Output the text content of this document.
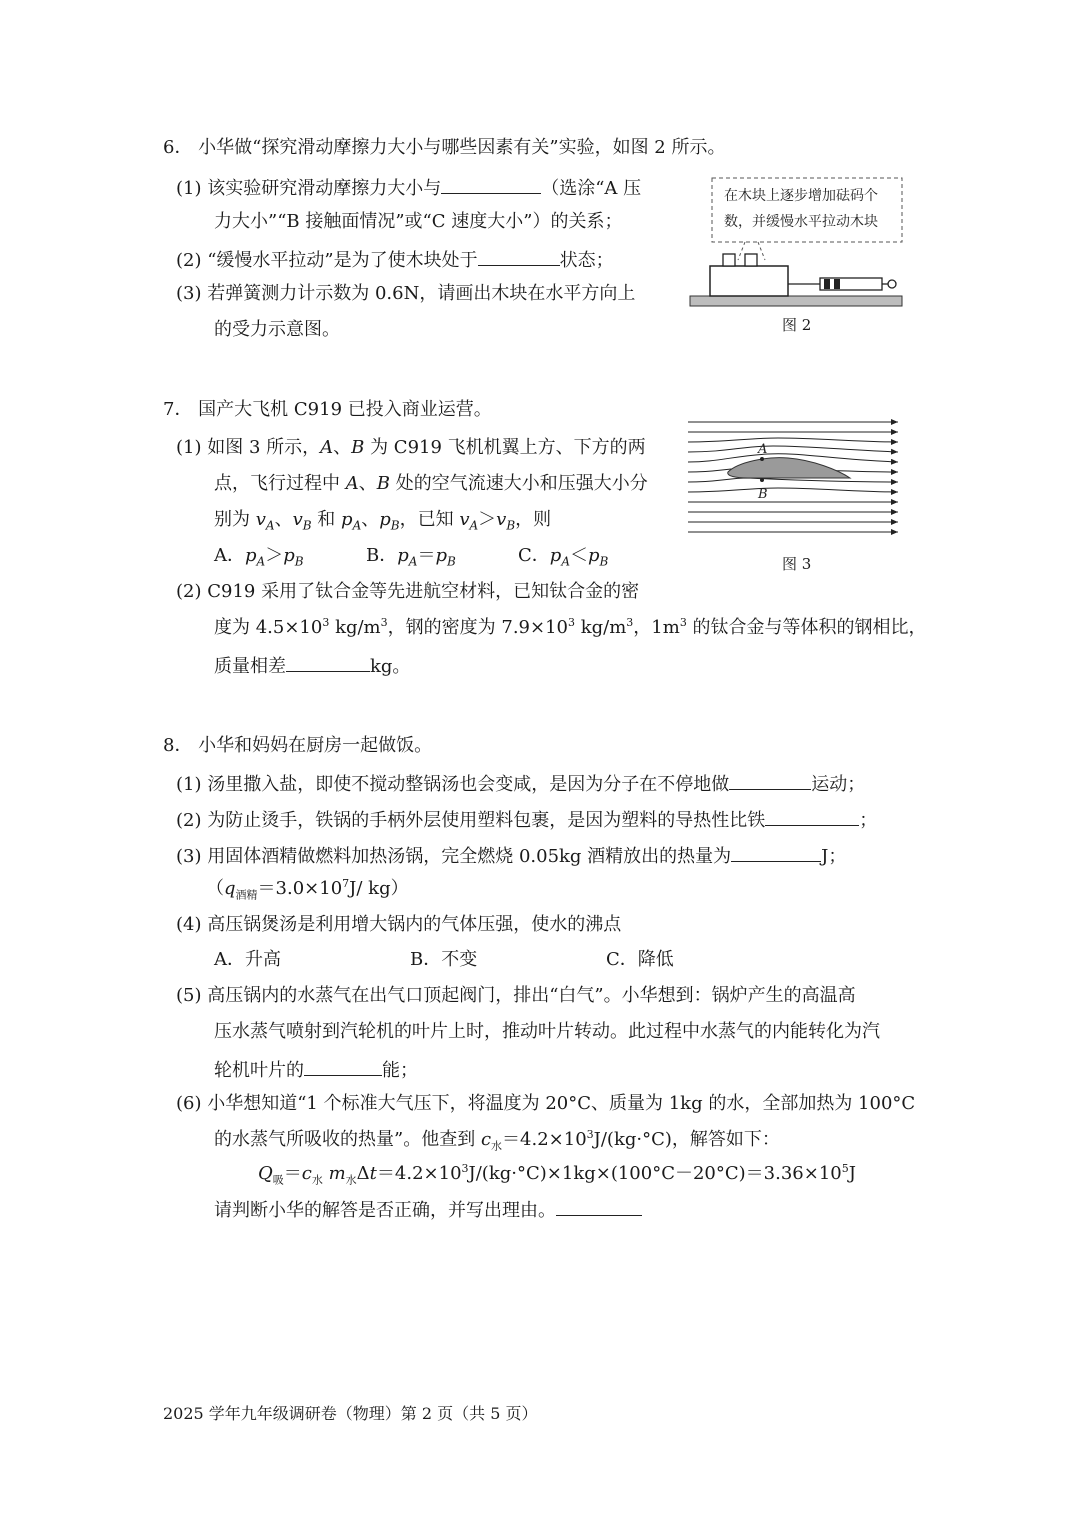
6． 小华做“探究滑动摩擦力大小与哪些因素有关”实验，如图 2 所示。
(1) 该实验研究滑动摩擦力大小与	（选涂“A 压
力大小”“B 接触面情况”或“C 速度大小”）的关系；
(2) “缓慢水平拉动”是为了使木块处于	状态；
(3) 若弹簧测力计示数为 0.6N，请画出木块在水平方向上
的受力示意图。
在木块上逐步增加砝码个
数，并缓慢水平拉动木块
图 2
7． 国产大飞机 C919 已投入商业运营。
(1) 如图 3 所示，A、B 为 C919 飞机机翼上方、下方的两
点，飞行过程中 A、B 处的空气流速大小和压强大小分
别为 $v_A$、$v_B$ 和 $p_A$、$p_B$，已知 $v_A>v_B$，则
A．$p_A>p_B$	B．$p_A=p_B$	C．$p_A<p_B$
(2) C919 采用了钛合金等先进航空材料，已知钛合金的密
度为 $4.5\times 10^3$ $kg/m^3$，钢的密度为 $7.9\times 10^3$ $kg/m^3$，$1m^3$ 的钛合金与等体积的钢相比，
质量相差	kg。
A
B
图 3
8． 小华和妈妈在厨房一起做饭。
(1) 汤里撒入盐，即使不搅动整锅汤也会变咸，是因为分子在不停地做	运动；
(2) 为防止烫手，铁锅的手柄外层使用塑料包裹，是因为塑料的导热性比铁	；
(3) 用固体酒精做燃料加热汤锅，完全燃烧 0.05kg 酒精放出的热量为	J；
（$q_{酒精}=3.0\times 10^7J/$ kg）
(4) 高压锅煲汤是利用增大锅内的气体压强，使水的沸点
A．升高	B．不变	C．降低
(5) 高压锅内的水蒸气在出气口顶起阀门，排出“白气”。小华想到：锅炉产生的高温高
压水蒸气喷射到汽轮机的叶片上时，推动叶片转动。此过程中水蒸气的内能转化为汽
轮机叶片的	能；
(6) 小华想知道“1 个标准大气压下，将温度为 20°C、质量为 1kg 的水，全部加热为 100°C
的水蒸气所吸收的热量”。他查到 $c_水=4.2\times 10^3J/(kg\cdot^\circ C)$，解答如下：
$Q_吸=c_水$ $m_水\Delta t=4.2\times 10^3J/(kg\cdot^\circ C)\times 1kg\times(100^\circ C-20^\circ C)=3.36\times 10^5J$
请判断小华的解答是否正确，并写出理由。
2025 学年九年级调研卷（物理）第 2 页（共 5 页）
